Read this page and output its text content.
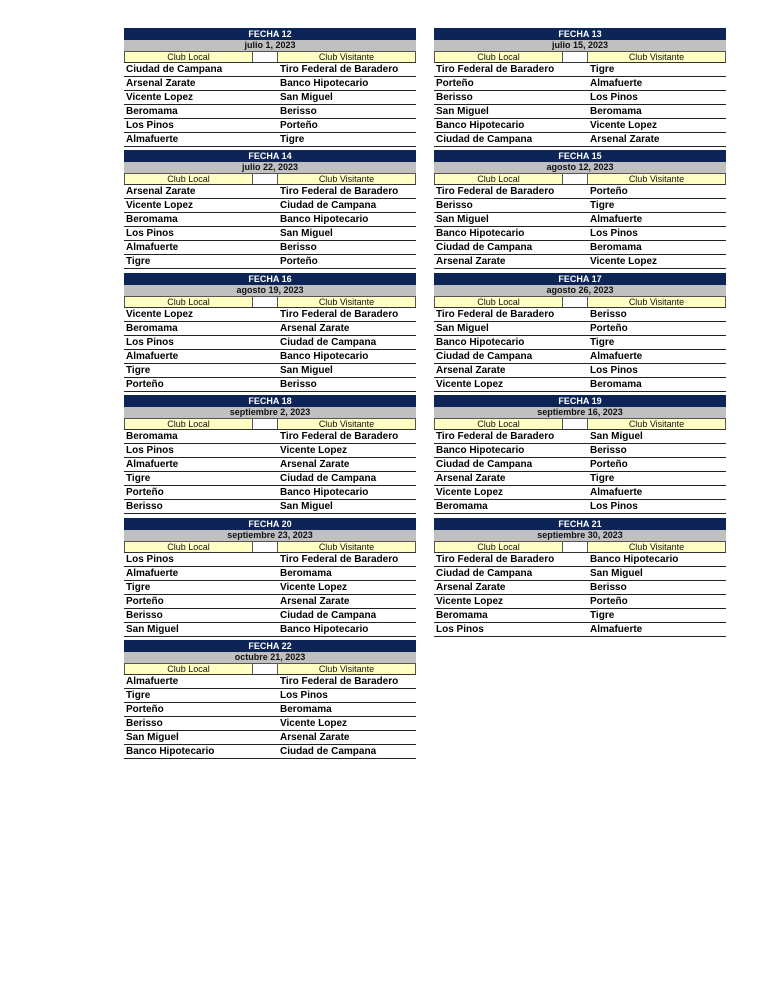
FECHA 12
julio 1, 2023
Club Local	Club Visitante
Ciudad de Campana	Tiro Federal de Baradero
Arsenal Zarate	Banco Hipotecario
Vicente Lopez	San Miguel
Beromama	Berisso
Los Pinos	Porteño
Almafuerte	Tigre
FECHA 13
julio 15, 2023
Club Local	Club Visitante
Tiro Federal de Baradero	Tigre
Porteño	Almafuerte
Berisso	Los Pinos
San Miguel	Beromama
Banco Hipotecario	Vicente Lopez
Ciudad de Campana	Arsenal Zarate
FECHA 14
julio 22, 2023
Club Local	Club Visitante
Arsenal Zarate	Tiro Federal de Baradero
Vicente Lopez	Ciudad de Campana
Beromama	Banco Hipotecario
Los Pinos	San Miguel
Almafuerte	Berisso
Tigre	Porteño
FECHA 15
agosto 12, 2023
Club Local	Club Visitante
Tiro Federal de Baradero	Porteño
Berisso	Tigre
San Miguel	Almafuerte
Banco Hipotecario	Los Pinos
Ciudad de Campana	Beromama
Arsenal Zarate	Vicente Lopez
FECHA 16
agosto 19, 2023
Club Local	Club Visitante
Vicente Lopez	Tiro Federal de Baradero
Beromama	Arsenal Zarate
Los Pinos	Ciudad de Campana
Almafuerte	Banco Hipotecario
Tigre	San Miguel
Porteño	Berisso
FECHA 17
agosto 26, 2023
Club Local	Club Visitante
Tiro Federal de Baradero	Berisso
San Miguel	Porteño
Banco Hipotecario	Tigre
Ciudad de Campana	Almafuerte
Arsenal Zarate	Los Pinos
Vicente Lopez	Beromama
FECHA 18
septiembre 2, 2023
Club Local	Club Visitante
Beromama	Tiro Federal de Baradero
Los Pinos	Vicente Lopez
Almafuerte	Arsenal Zarate
Tigre	Ciudad de Campana
Porteño	Banco Hipotecario
Berisso	San Miguel
FECHA 19
septiembre 16, 2023
Club Local	Club Visitante
Tiro Federal de Baradero	San Miguel
Banco Hipotecario	Berisso
Ciudad de Campana	Porteño
Arsenal Zarate	Tigre
Vicente Lopez	Almafuerte
Beromama	Los Pinos
FECHA 20
septiembre 23, 2023
Club Local	Club Visitante
Los Pinos	Tiro Federal de Baradero
Almafuerte	Beromama
Tigre	Vicente Lopez
Porteño	Arsenal Zarate
Berisso	Ciudad de Campana
San Miguel	Banco Hipotecario
FECHA 21
septiembre 30, 2023
Club Local	Club Visitante
Tiro Federal de Baradero	Banco Hipotecario
Ciudad de Campana	San Miguel
Arsenal Zarate	Berisso
Vicente Lopez	Porteño
Beromama	Tigre
Los Pinos	Almafuerte
FECHA 22
octubre 21, 2023
Club Local	Club Visitante
Almafuerte	Tiro Federal de Baradero
Tigre	Los Pinos
Porteño	Beromama
Berisso	Vicente Lopez
San Miguel	Arsenal Zarate
Banco Hipotecario	Ciudad de Campana
